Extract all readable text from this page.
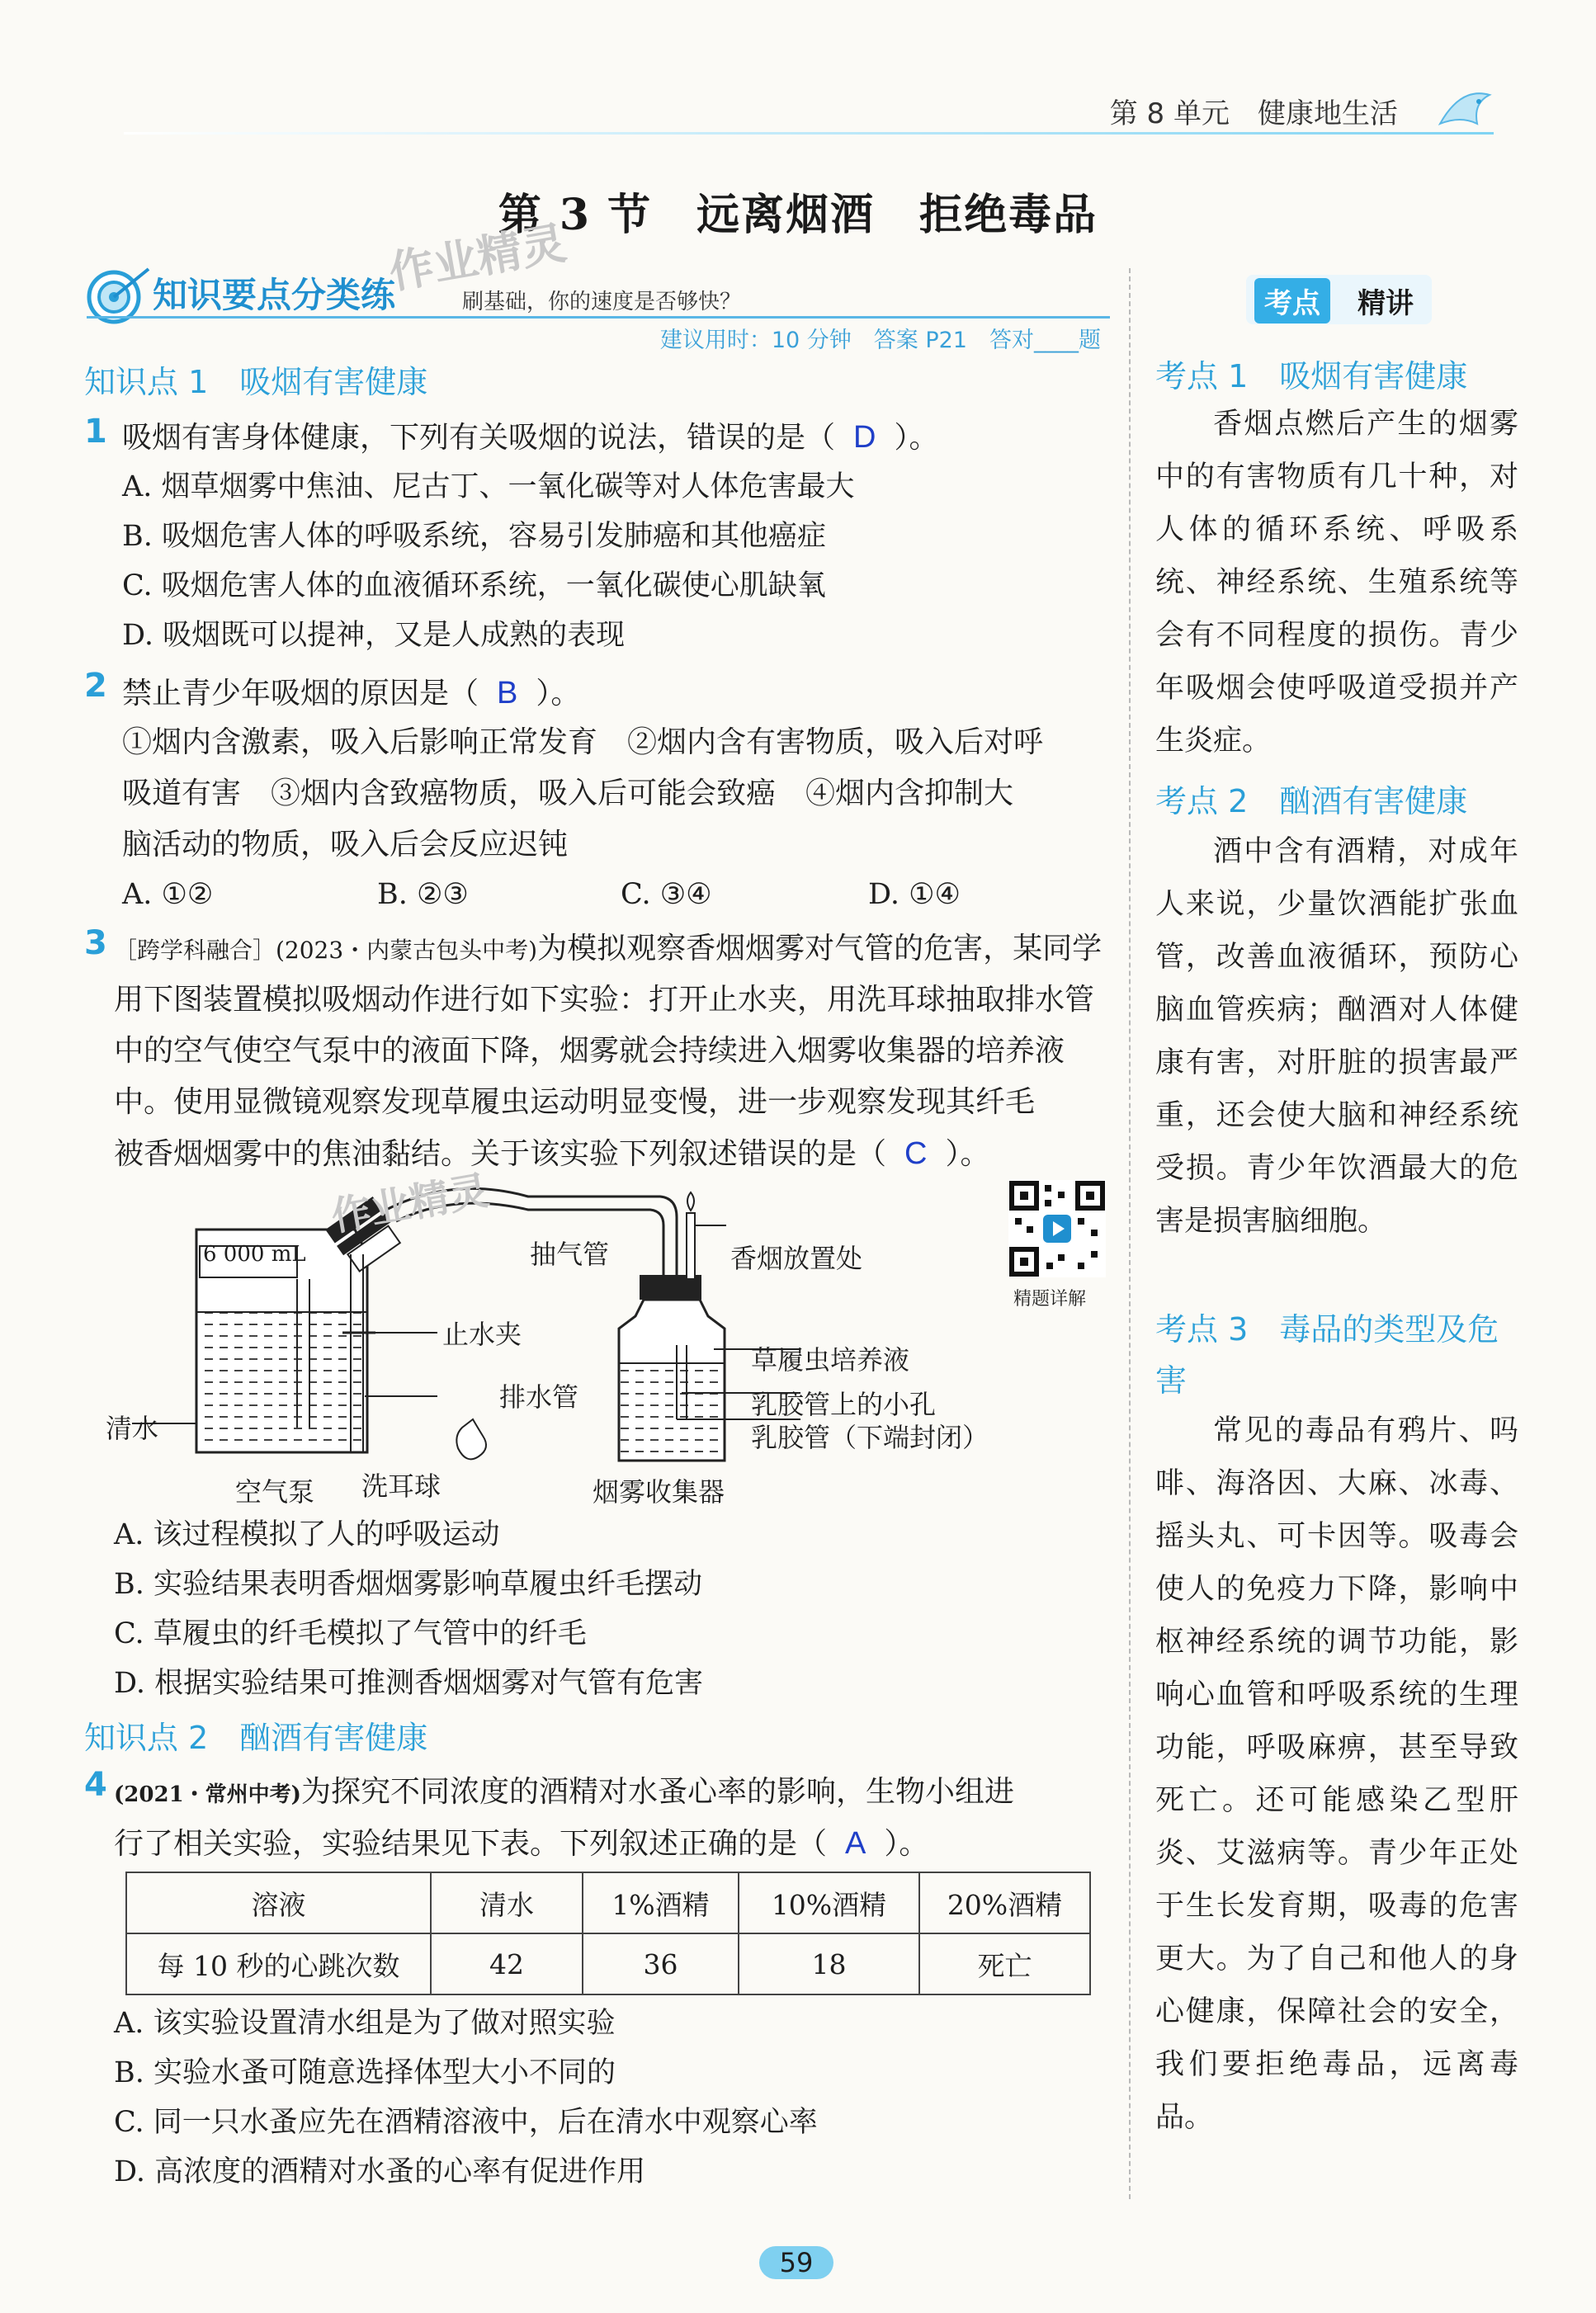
第 8 单元　健康地生活
第 3 节　远离烟酒　拒绝毒品
作业精灵
知识要点分类练	刷基础，你的速度是否够快？
建议用时：10 分钟　答案 P21　答对____题
知识点 1　吸烟有害健康
1 吸烟有害身体健康，下列有关吸烟的说法，错误的是（ D ）。
A. 烟草烟雾中焦油、尼古丁、一氧化碳等对人体危害最大
B. 吸烟危害人体的呼吸系统，容易引发肺癌和其他癌症
C. 吸烟危害人体的血液循环系统，一氧化碳使心肌缺氧
D. 吸烟既可以提神，又是人成熟的表现
2 禁止青少年吸烟的原因是（ B ）。
①烟内含激素，吸入后影响正常发育　②烟内含有害物质，吸入后对呼
吸道有害　③烟内含致癌物质，吸入后可能会致癌　④烟内含抑制大
脑活动的物质，吸入后会反应迟钝
A. ①②	B. ②③	C. ③④	D. ①④
3 ［跨学科融合］(2023・内蒙古包头中考)为模拟观察香烟烟雾对气管的危害，某同学
用下图装置模拟吸烟动作进行如下实验：打开止水夹，用洗耳球抽取排水管
中的空气使空气泵中的液面下降，烟雾就会持续进入烟雾收集器的培养液
中。使用显微镜观察发现草履虫运动明显变慢，进一步观察发现其纤毛
被香烟烟雾中的焦油黏结。关于该实验下列叙述错误的是（ C ）。
6 000 mL	抽气管	香烟放置处
止水夹
排水管
清水
空气泵 洗耳球	烟雾收集器
草履虫培养液
乳胶管上的小孔
乳胶管（下端封闭）
作业精灵
精题详解
A. 该过程模拟了人的呼吸运动
B. 实验结果表明香烟烟雾影响草履虫纤毛摆动
C. 草履虫的纤毛模拟了气管中的纤毛
D. 根据实验结果可推测香烟烟雾对气管有危害
知识点 2　酗酒有害健康
4 (2021・常州中考)为探究不同浓度的酒精对水蚤心率的影响，生物小组进
行了相关实验，实验结果见下表。下列叙述正确的是（ A ）。
溶液	清水	1%酒精	10%酒精	20%酒精
每 10 秒的心跳次数	42	36	18	死亡
A. 该实验设置清水组是为了做对照实验
B. 实验水蚤可随意选择体型大小不同的
C. 同一只水蚤应先在酒精溶液中，后在清水中观察心率
D. 高浓度的酒精对水蚤的心率有促进作用
考点	精讲
考点 1　吸烟有害健康
香烟点燃后产生的烟雾中的有害物质有几十种，对人体的循环系统、呼吸系统、神经系统、生殖系统等会有不同程度的损伤。青少年吸烟会使呼吸道受损并产生炎症。
考点 2　酗酒有害健康
酒中含有酒精，对成年人来说，少量饮酒能扩张血管，改善血液循环，预防心脑血管疾病；酗酒对人体健康有害，对肝脏的损害最严重，还会使大脑和神经系统受损。青少年饮酒最大的危害是损害脑细胞。
考点 3　毒品的类型及危害
常见的毒品有鸦片、吗啡、海洛因、大麻、冰毒、摇头丸、可卡因等。吸毒会使人的免疫力下降，影响中枢神经系统的调节功能，影响心血管和呼吸系统的生理功能，呼吸麻痹，甚至导致死亡。还可能感染乙型肝炎、艾滋病等。青少年正处于生长发育期，吸毒的危害更大。为了自己和他人的身心健康，保障社会的安全，我们要拒绝毒品，远离毒品。
59
